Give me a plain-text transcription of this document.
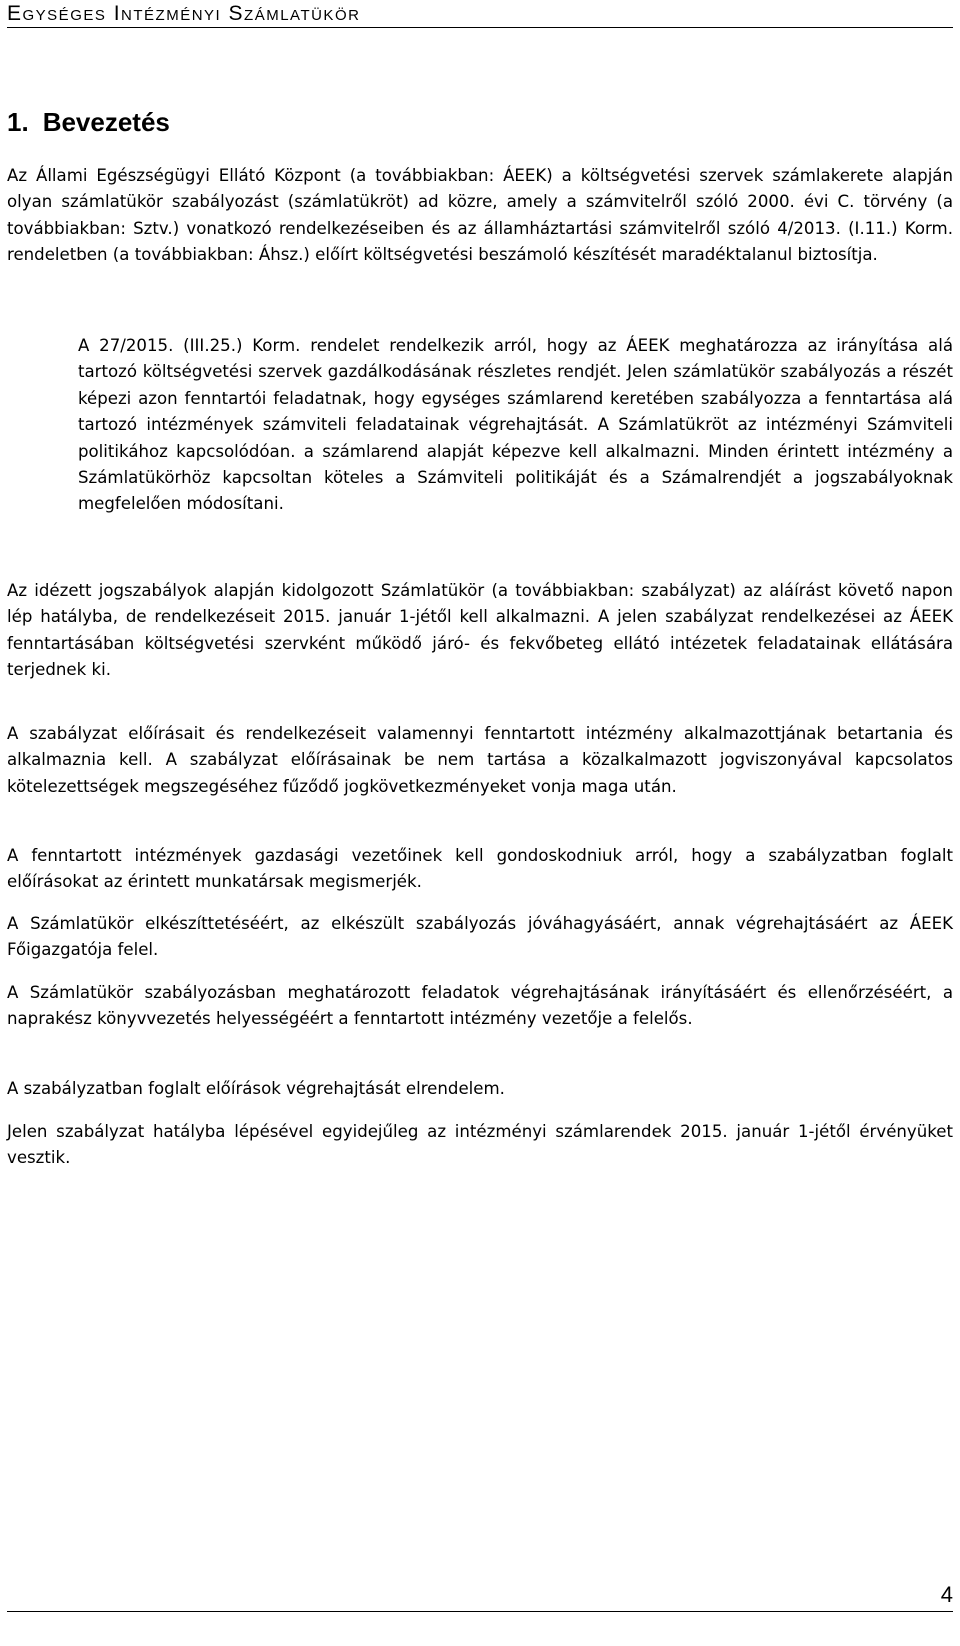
Egységes Intézményi Számlatükör
1. Bevezetés

Az Állami Egészségügyi Ellátó Központ (a továbbiakban: ÁEEK) a költségvetési szervek számlakerete alapján olyan számlatükör szabályozást (számlatükröt) ad közre, amely a számvitelről szóló 2000. évi C. törvény (a továbbiakban: Sztv.) vonatkozó rendelkezéseiben és az államháztartási számvitelről szóló 4/2013. (I.11.) Korm. rendeletben (a továbbiakban: Áhsz.) előírt költségvetési beszámoló készítését maradéktalanul biztosítja.

A 27/2015. (III.25.) Korm. rendelet rendelkezik arról, hogy az ÁEEK meghatározza az irányítása alá tartozó költségvetési szervek gazdálkodásának részletes rendjét. Jelen számlatükör szabályozás a részét képezi azon fenntartói feladatnak, hogy egységes számlarend keretében szabályozza a fenntartása alá tartozó intézmények számviteli feladatainak végrehajtását. A Számlatükröt az intézményi Számviteli politikához kapcsolódóan. a számlarend alapját képezve kell alkalmazni. Minden érintett intézmény a Számlatükörhöz kapcsoltan köteles a Számviteli politikáját és a Számalrendjét a jogszabályoknak megfelelően módosítani.

Az idézett jogszabályok alapján kidolgozott Számlatükör (a továbbiakban: szabályzat) az aláírást követő napon lép hatályba, de rendelkezéseit 2015. január 1-jétől kell alkalmazni. A jelen szabályzat rendelkezései az ÁEEK fenntartásában költségvetési szervként működő járó- és fekvőbeteg ellátó intézetek feladatainak ellátására terjednek ki.

A szabályzat előírásait és rendelkezéseit valamennyi fenntartott intézmény alkalmazottjának betartania és alkalmaznia kell. A szabályzat előírásainak be nem tartása a közalkalmazott jogviszonyával kapcsolatos kötelezettségek megszegéséhez fűződő jogkövetkezményeket vonja maga után.

A fenntartott intézmények gazdasági vezetőinek kell gondoskodniuk arról, hogy a szabályzatban foglalt előírásokat az érintett munkatársak megismerjék.

A Számlatükör elkészíttetéséért, az elkészült szabályozás jóváhagyásáért, annak végrehajtásáért az ÁEEK Főigazgatója felel.

A Számlatükör szabályozásban meghatározott feladatok végrehajtásának irányításáért és ellenőrzéséért, a naprakész könyvvezetés helyességéért a fenntartott intézmény vezetője a felelős.

A szabályzatban foglalt előírások végrehajtását elrendelem.

Jelen szabályzat hatályba lépésével egyidejűleg az intézményi számlarendek 2015. január 1-jétől érvényüket vesztik.

4
